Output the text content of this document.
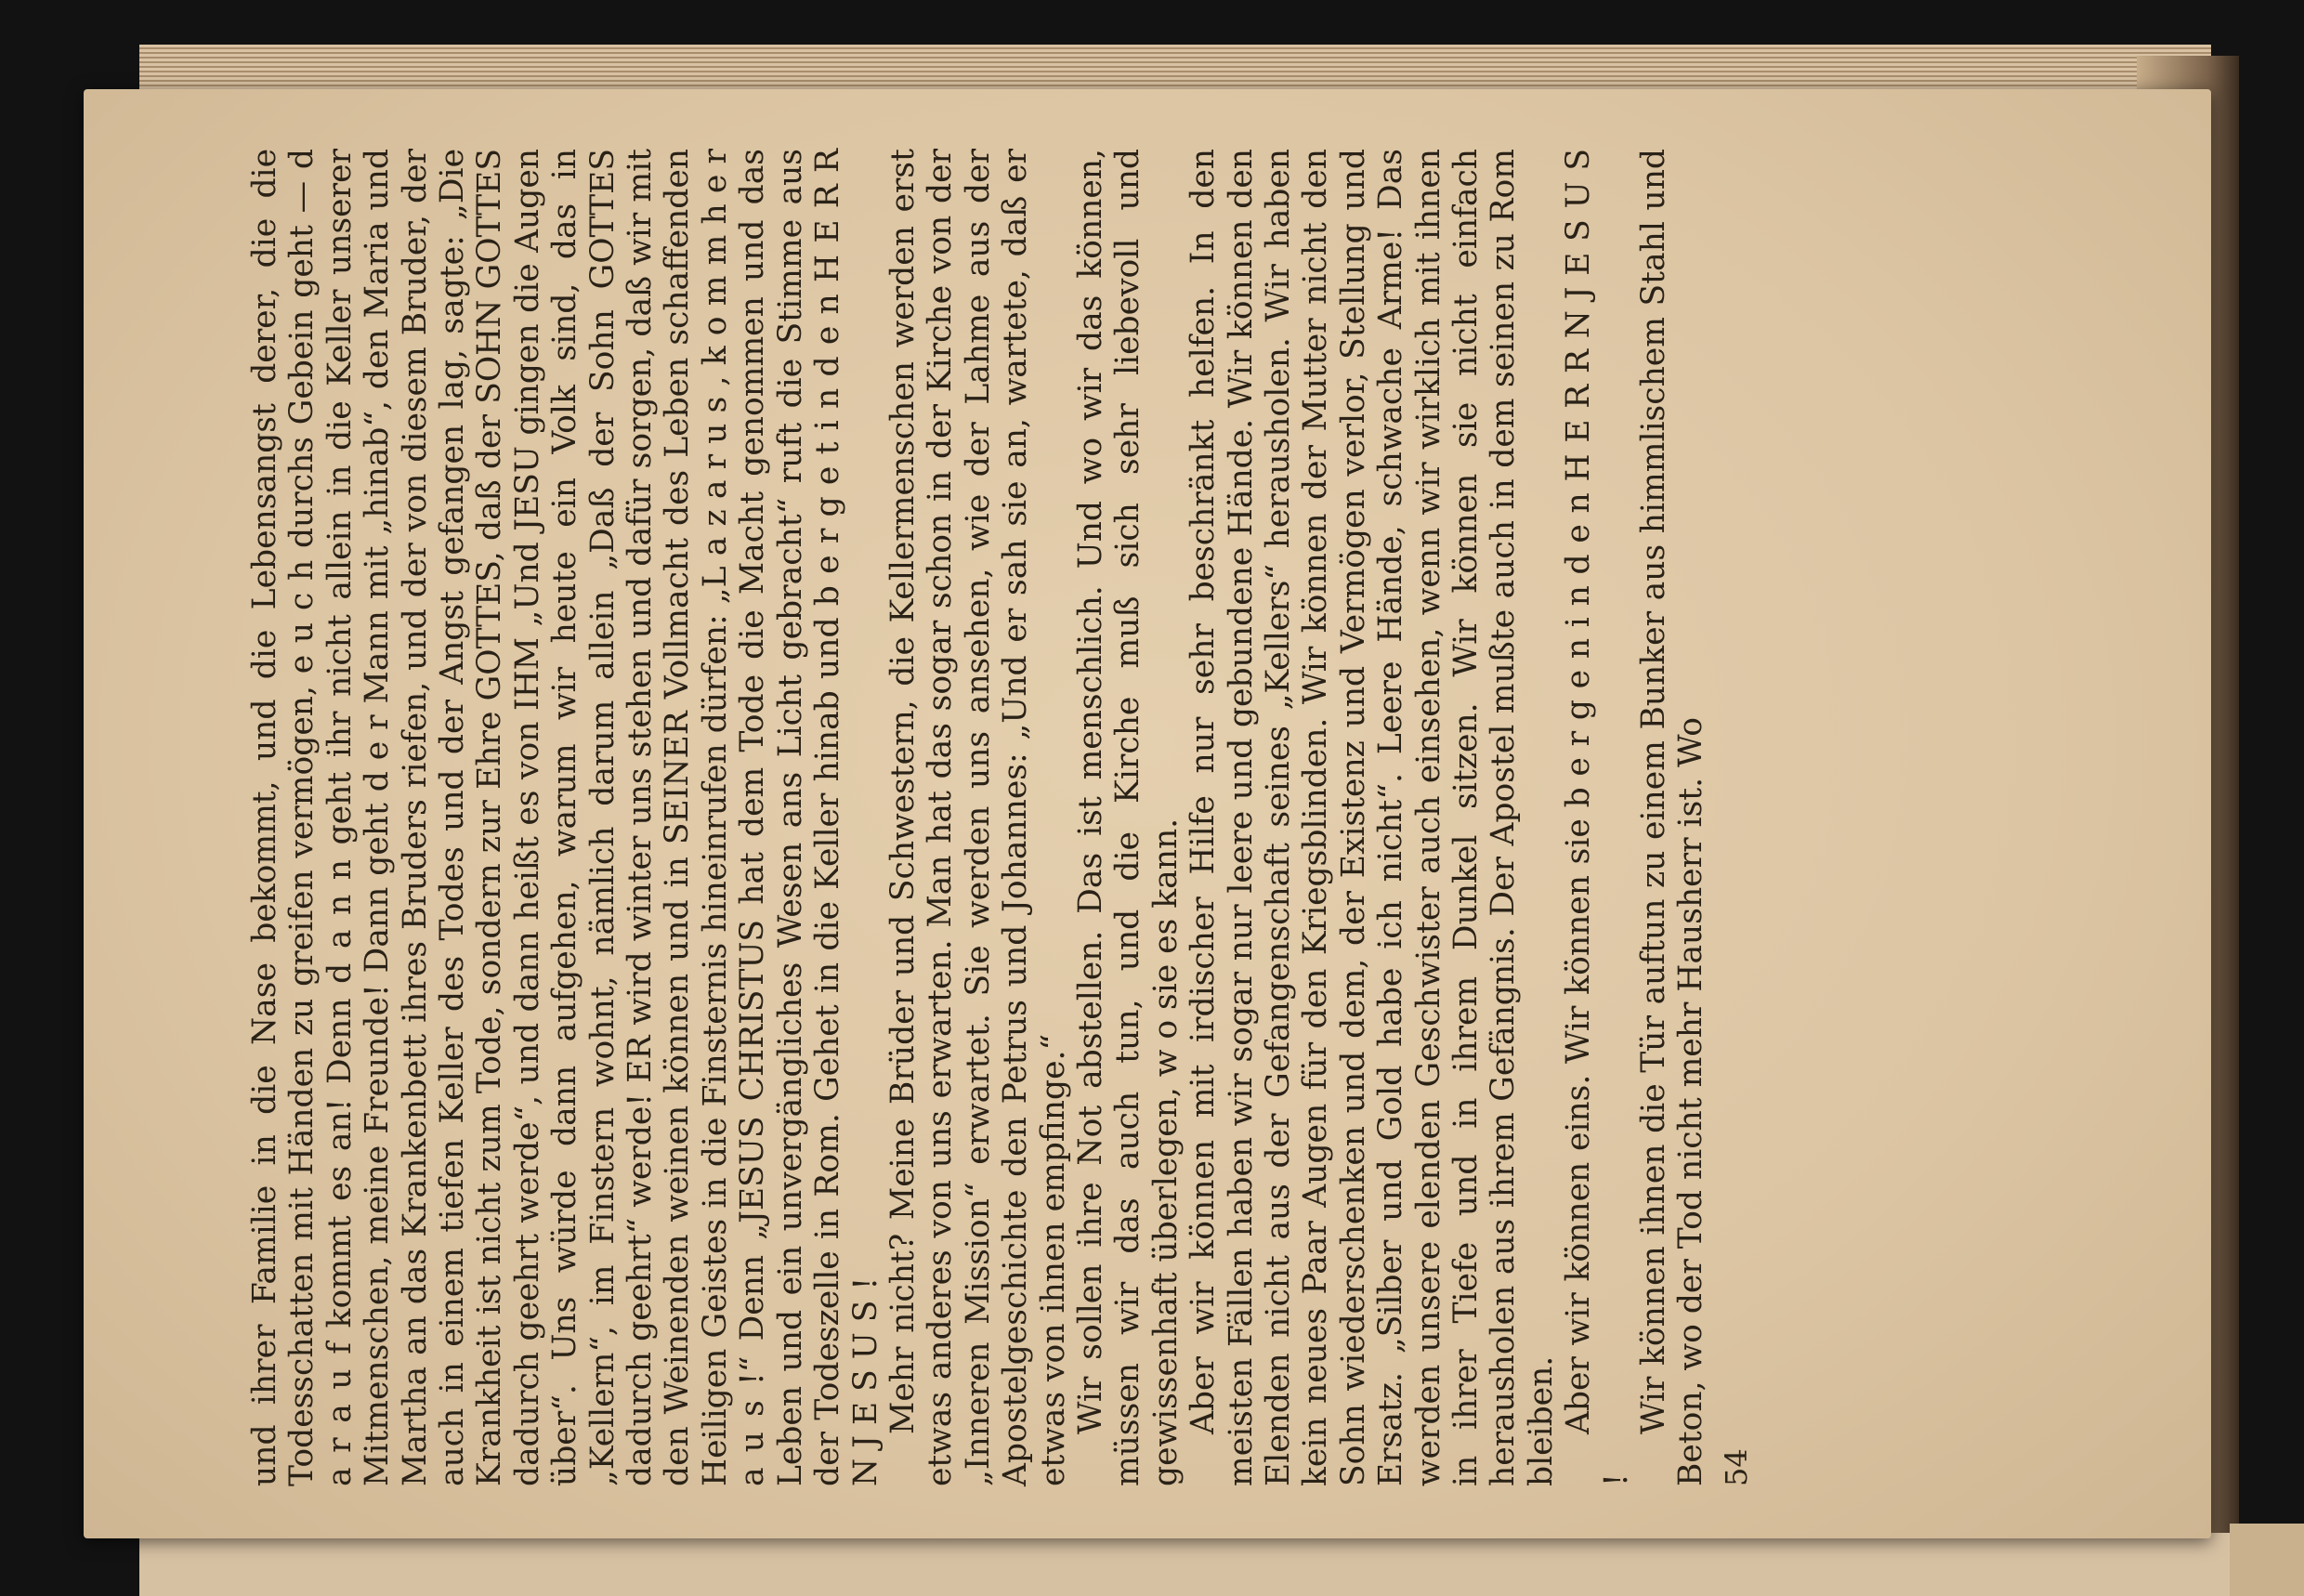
und ihrer Familie in die Nase bekommt, und die Lebensangst derer, die die Todesschatten mit Händen zu greifen vermögen, e u c h durchs Gebein geht — d a r a u f kommt es an! Denn d a n n geht ihr nicht allein in die Keller unserer Mitmenschen, meine Freunde! Dann geht d e r Mann mit „hinab“, den Maria und Martha an das Krankenbett ihres Bruders riefen, und der von diesem Bruder, der auch in einem tiefen Keller des Todes und der Angst gefangen lag, sagte: „Die Krankheit ist nicht zum Tode, sondern zur Ehre GOTTES, daß der SOHN GOTTES dadurch geehrt werde“, und dann heißt es von IHM „Und JESU gingen die Augen über“. Uns würde dann aufgehen, warum wir heute ein Volk sind, das in „Kellern“, im Finstern wohnt, nämlich darum allein „Daß der Sohn GOTTES dadurch geehrt“ werde! ER wird winter uns stehen und dafür sorgen, daß wir mit den Weinenden weinen können und in SEINER Vollmacht des Leben schaffenden Heiligen Geistes in die Finsternis hineinrufen dürfen: „L a z a r u s , k o m m h e r a u s !“ Denn „JESUS CHRISTUS hat dem Tode die Macht genommen und das Leben und ein unvergängliches Wesen ans Licht gebracht“ ruft die Stimme aus der Todeszelle in Rom. Gehet in die Keller hinab und b e r g e t i n d e n H E R R N J E S U S ! Mehr nicht? Meine Brüder und Schwestern, die Kellermenschen werden erst etwas anderes von uns erwarten. Man hat das sogar schon in der Kirche von der „Inneren Mission“ erwartet. Sie werden uns ansehen, wie der Lahme aus der Apostelgeschichte den Petrus und Johannes: „Und er sah sie an, wartete, daß er etwas von ihnen empfinge.“ Wir sollen ihre Not abstellen. Das ist menschlich. Und wo wir das können, müssen wir das auch tun, und die Kirche muß sich sehr liebevoll und gewissenhaft überlegen, w o sie es kann. Aber wir können mit irdischer Hilfe nur sehr beschränkt helfen. In den meisten Fällen haben wir sogar nur leere und gebundene Hände. Wir können den Elenden nicht aus der Gefangenschaft seines „Kellers“ herausholen. Wir haben kein neues Paar Augen für den Kriegsblinden. Wir können der Mutter nicht den Sohn wiederschenken und dem, der Existenz und Vermögen verlor, Stellung und Ersatz. „Silber und Gold habe ich nicht“. Leere Hände, schwache Arme! Das werden unsere elenden Geschwister auch einsehen, wenn wir wirklich mit ihnen in ihrer Tiefe und in ihrem Dunkel sitzen. Wir können sie nicht einfach herausholen aus ihrem Gefängnis. Der Apostel mußte auch in dem seinen zu Rom bleiben. Aber wir können eins. Wir können sie b e r g e n i n d e n H E R R N J E S U S !

Wir können ihnen die Tür auftun zu einem Bunker aus himmlischem Stahl und Beton, wo der Tod nicht mehr Hausherr ist. Wo 54
